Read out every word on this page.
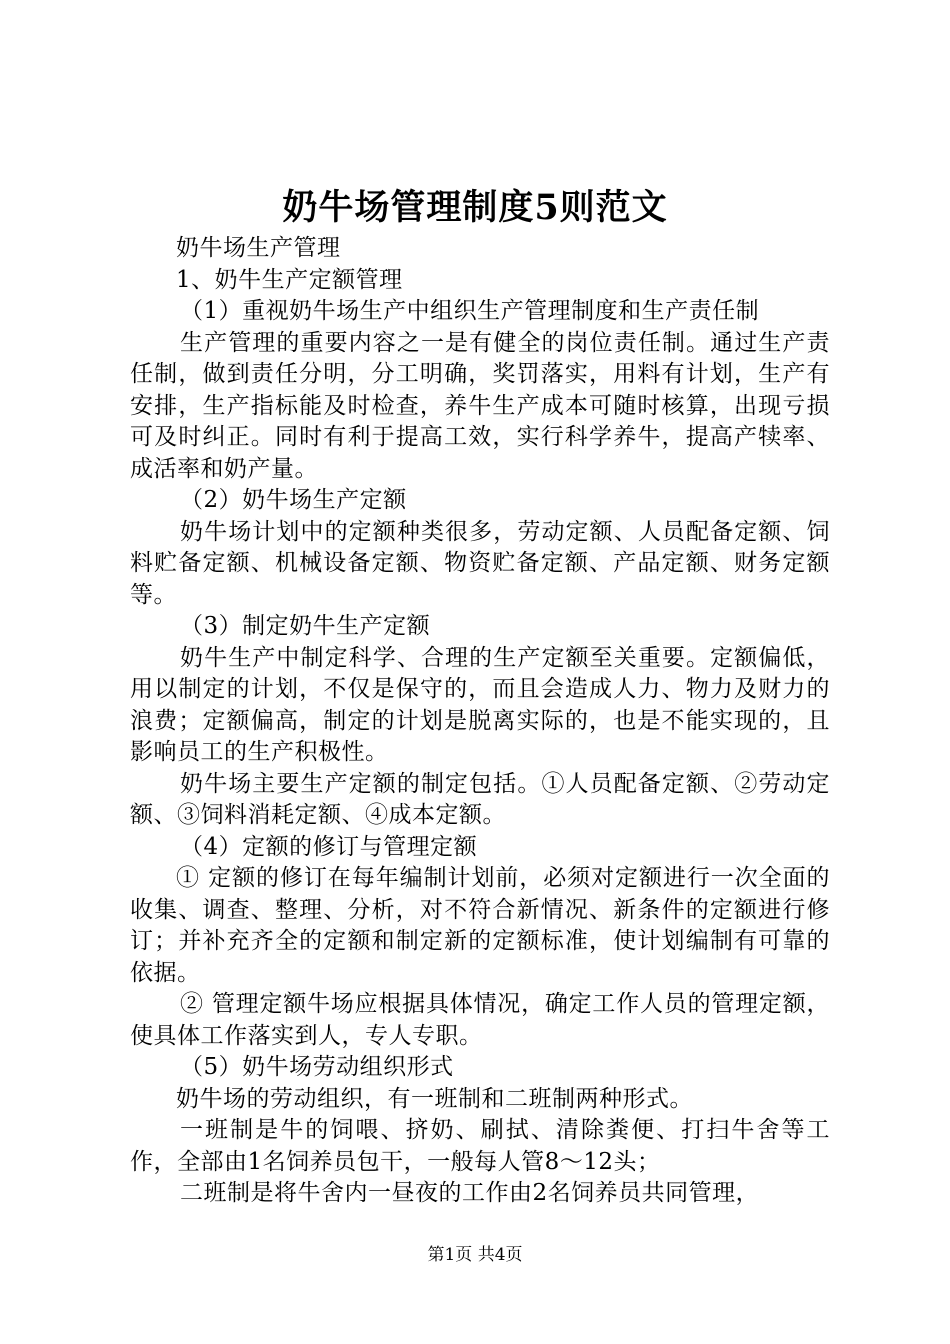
奶牛场管理制度5则范文

奶牛场生产管理

1、奶牛生产定额管理

（1）重视奶牛场生产中组织生产管理制度和生产责任制

生产管理的重要内容之一是有健全的岗位责任制。通过生产责任制，做到责任分明，分工明确，奖罚落实，用料有计划，生产有安排，生产指标能及时检查，养牛生产成本可随时核算，出现亏损可及时纠正。同时有利于提高工效，实行科学养牛，提高产犊率、成活率和奶产量。

（2）奶牛场生产定额

奶牛场计划中的定额种类很多，劳动定额、人员配备定额、饲料贮备定额、机械设备定额、物资贮备定额、产品定额、财务定额等。

（3）制定奶牛生产定额

奶牛生产中制定科学、合理的生产定额至关重要。定额偏低，用以制定的计划，不仅是保守的，而且会造成人力、物力及财力的浪费；定额偏高，制定的计划是脱离实际的，也是不能实现的，且影响员工的生产积极性。

奶牛场主要生产定额的制定包括。①人员配备定额、②劳动定额、③饲料消耗定额、④成本定额。

（4）定额的修订与管理定额

① 定额的修订在每年编制计划前，必须对定额进行一次全面的收集、调查、整理、分析，对不符合新情况、新条件的定额进行修订；并补充齐全的定额和制定新的定额标准，使计划编制有可靠的依据。

② 管理定额牛场应根据具体情况，确定工作人员的管理定额，使具体工作落实到人，专人专职。

（5）奶牛场劳动组织形式

奶牛场的劳动组织，有一班制和二班制两种形式。

一班制是牛的饲喂、挤奶、刷拭、清除粪便、打扫牛舍等工作，全部由1名饲养员包干，一般每人管8～12头；

二班制是将牛舍内一昼夜的工作由2名饲养员共同管理，

第1页 共4页
